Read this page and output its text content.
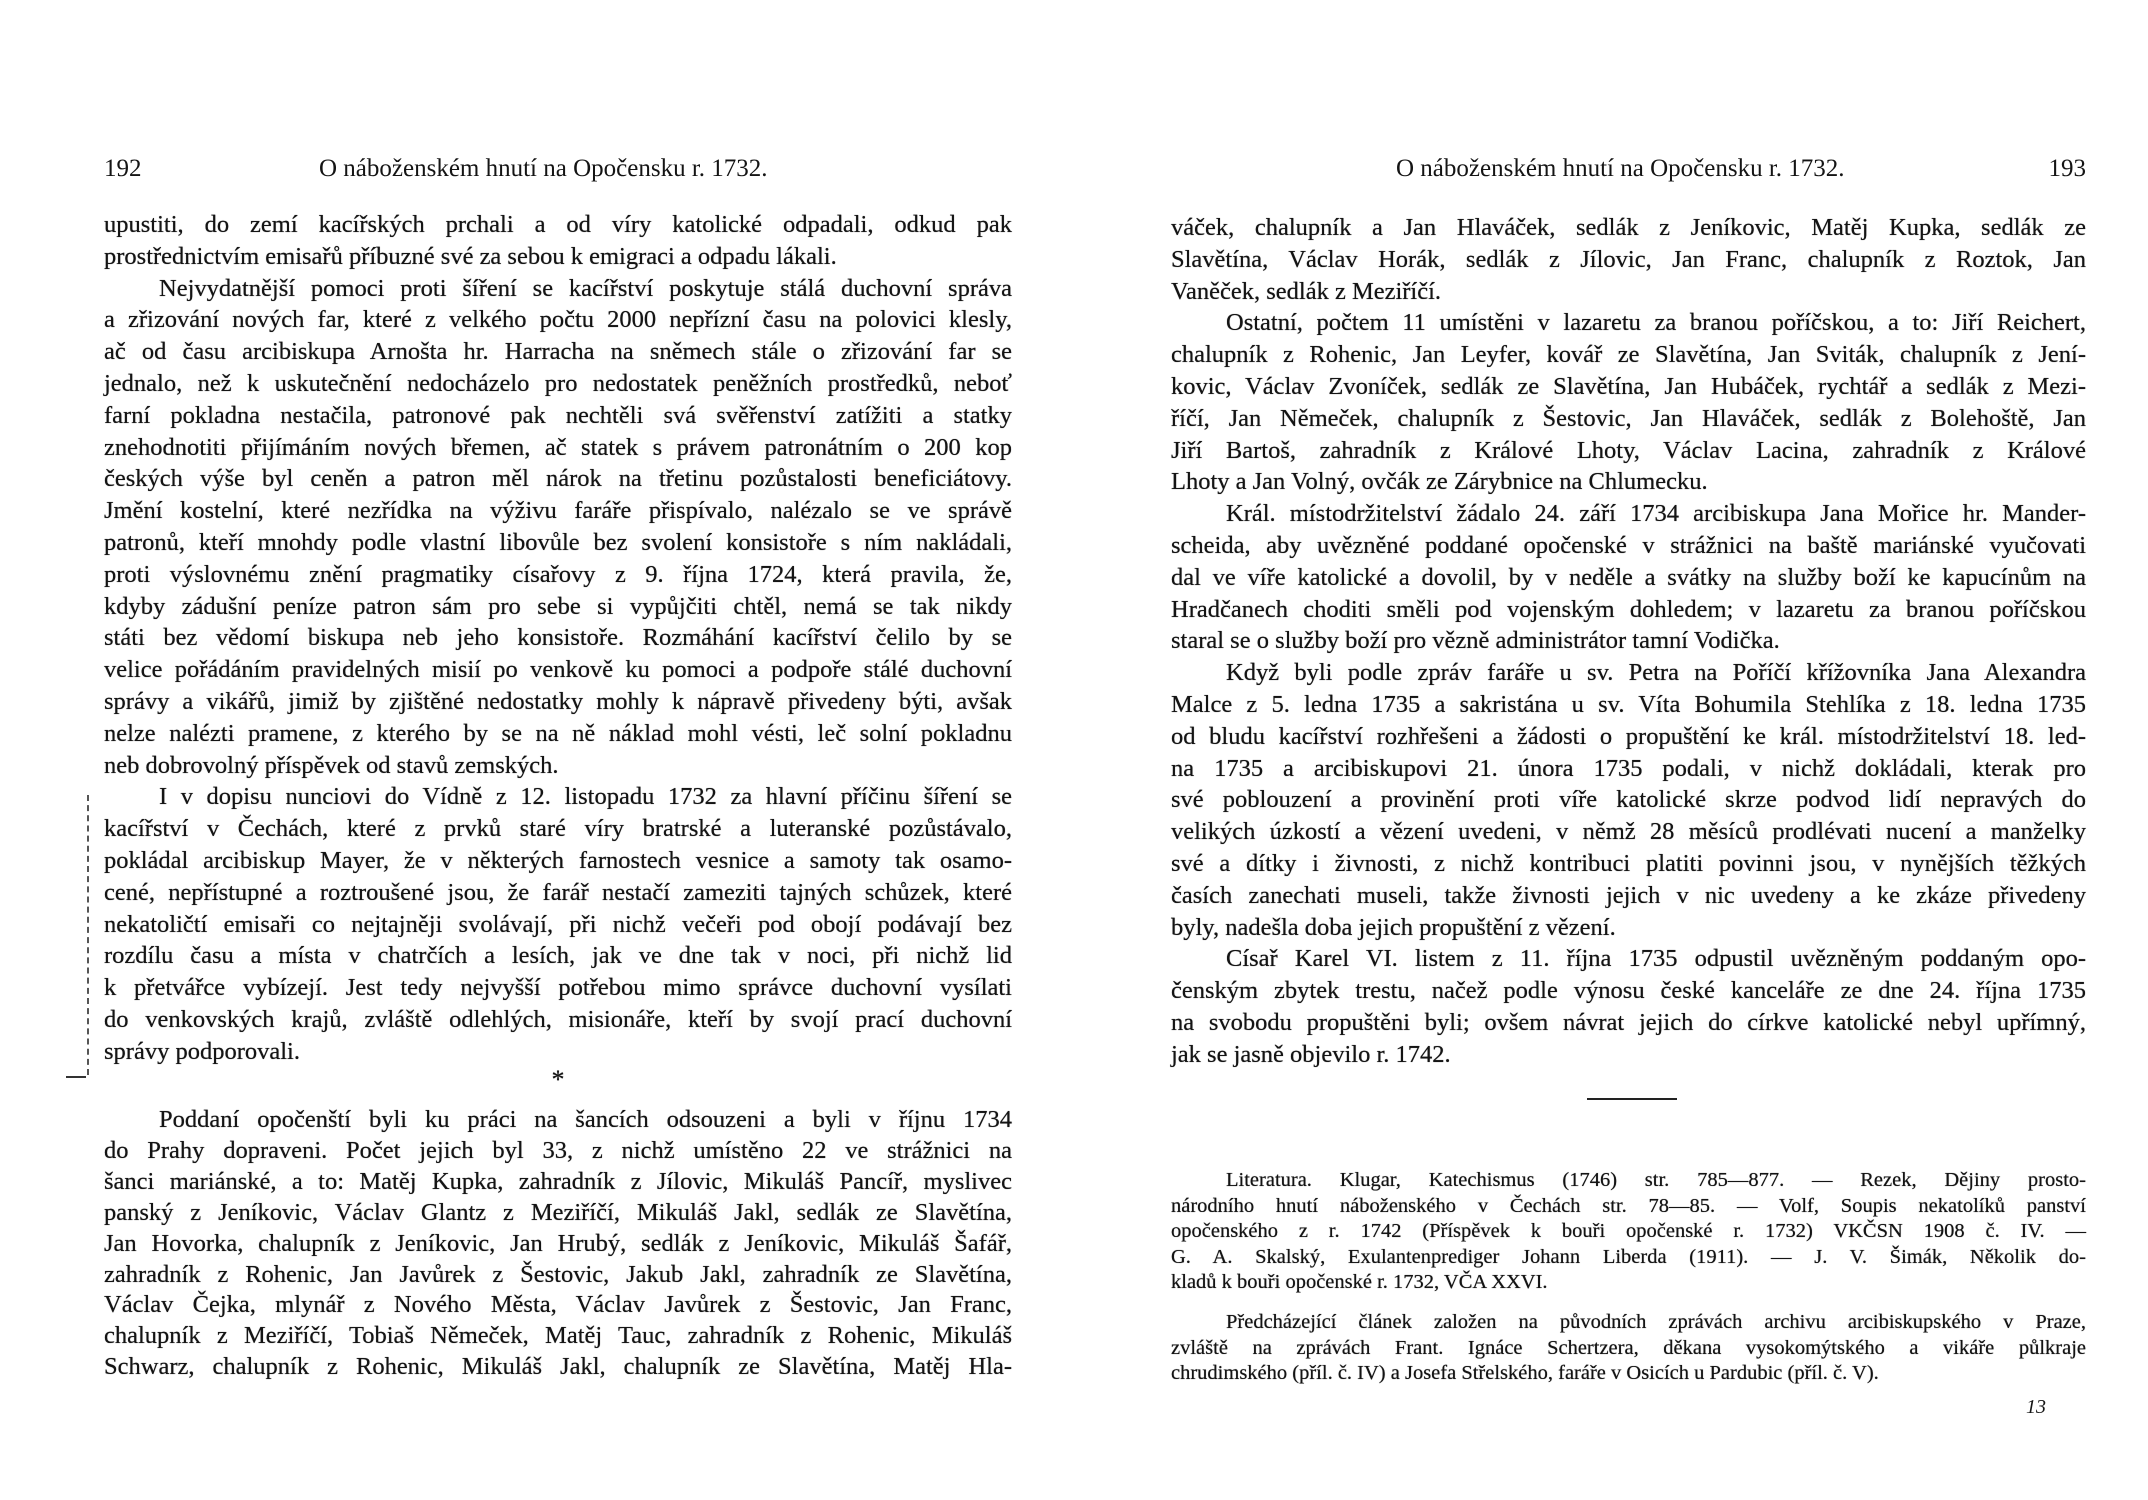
192	O náboženském hnutí na Opočensku r. 1732.
upustiti, do zemí kacířských prchali a od víry katolické odpadali, odkud pak
prostřednictvím emisařů příbuzné své za sebou k emigraci a odpadu lákali.
Nejvydatnější pomoci proti šíření se kacířství poskytuje stálá duchovní správa
a zřizování nových far, které z velkého počtu 2000 nepřízní času na polovici klesly,
ač od času arcibiskupa Arnošta hr. Harracha na sněmech stále o zřizování far se
jednalo, než k uskutečnění nedocházelo pro nedostatek peněžních prostředků, neboť
farní pokladna nestačila, patronové pak nechtěli svá svěřenství zatížiti a statky
znehodnotiti přijímáním nových břemen, ač statek s právem patronátním o 200 kop
českých výše byl ceněn a patron měl nárok na třetinu pozůstalosti beneficiátovy.
Jmění kostelní, které nezřídka na výživu faráře přispívalo, nalézalo se ve správě
patronů, kteří mnohdy podle vlastní libovůle bez svolení konsistoře s ním nakládali,
proti výslovnému znění pragmatiky císařovy z 9. října 1724, která pravila, že,
kdyby zádušní peníze patron sám pro sebe si vypůjčiti chtěl, nemá se tak nikdy
státi bez vědomí biskupa neb jeho konsistoře. Rozmáhání kacířství čelilo by se
velice pořádáním pravidelných misií po venkově ku pomoci a podpoře stálé duchovní
správy a vikářů, jimiž by zjištěné nedostatky mohly k nápravě přivedeny býti, avšak
nelze nalézti pramene, z kterého by se na ně náklad mohl vésti, leč solní pokladnu
neb dobrovolný příspěvek od stavů zemských.
I v dopisu nunciovi do Vídně z 12. listopadu 1732 za hlavní příčinu šíření se
kacířství v Čechách, které z prvků staré víry bratrské a luteranské pozůstávalo,
pokládal arcibiskup Mayer, že v některých farnostech vesnice a samoty tak osamo-
cené, nepřístupné a roztroušené jsou, že farář nestačí zameziti tajných schůzek, které
nekatoličtí emisaři co nejtajněji svolávají, při nichž večeři pod obojí podávají bez
rozdílu času a místa v chatrčích a lesích, jak ve dne tak v noci, při nichž lid
k přetvářce vybízejí. Jest tedy nejvyšší potřebou mimo správce duchovní vysílati
do venkovských krajů, zvláště odlehlých, misionáře, kteří by svojí prací duchovní
správy podporovali.
*
Poddaní opočenští byli ku práci na šancích odsouzeni a byli v říjnu 1734
do Prahy dopraveni. Počet jejich byl 33, z nichž umístěno 22 ve strážnici na
šanci mariánské, a to: Matěj Kupka, zahradník z Jílovic, Mikuláš Pancíř, myslivec
panský z Jeníkovic, Václav Glantz z Meziříčí, Mikuláš Jakl, sedlák ze Slavětína,
Jan Hovorka, chalupník z Jeníkovic, Jan Hrubý, sedlák z Jeníkovic, Mikuláš Šafář,
zahradník z Rohenic, Jan Javůrek z Šestovic, Jakub Jakl, zahradník ze Slavětína,
Václav Čejka, mlynář z Nového Města, Václav Javůrek z Šestovic, Jan Franc,
chalupník z Meziříčí, Tobiaš Němeček, Matěj Tauc, zahradník z Rohenic, Mikuláš
Schwarz, chalupník z Rohenic, Mikuláš Jakl, chalupník ze Slavětína, Matěj Hla-
O náboženském hnutí na Opočensku r. 1732.	193
váček, chalupník a Jan Hlaváček, sedlák z Jeníkovic, Matěj Kupka, sedlák ze
Slavětína, Václav Horák, sedlák z Jílovic, Jan Franc, chalupník z Roztok, Jan
Vaněček, sedlák z Meziříčí.
Ostatní, počtem 11 umístěni v lazaretu za branou poříčskou, a to: Jiří Reichert,
chalupník z Rohenic, Jan Leyfer, kovář ze Slavětína, Jan Sviták, chalupník z Jení-
kovic, Václav Zvoníček, sedlák ze Slavětína, Jan Hubáček, rychtář a sedlák z Mezi-
říčí, Jan Němeček, chalupník z Šestovic, Jan Hlaváček, sedlák z Bolehoště, Jan
Jiří Bartoš, zahradník z Králové Lhoty, Václav Lacina, zahradník z Králové
Lhoty a Jan Volný, ovčák ze Zárybnice na Chlumecku.
Král. místodržitelství žádalo 24. září 1734 arcibiskupa Jana Mořice hr. Mander-
scheida, aby uvězněné poddané opočenské v strážnici na baště mariánské vyučovati
dal ve víře katolické a dovolil, by v neděle a svátky na služby boží ke kapucínům na
Hradčanech choditi směli pod vojenským dohledem; v lazaretu za branou poříčskou
staral se o služby boží pro vězně administrátor tamní Vodička.
Když byli podle zpráv faráře u sv. Petra na Poříčí křížovníka Jana Alexandra
Malce z 5. ledna 1735 a sakristána u sv. Víta Bohumila Stehlíka z 18. ledna 1735
od bludu kacířství rozhřešeni a žádosti o propuštění ke král. místodržitelství 18. led-
na 1735 a arcibiskupovi 21. února 1735 podali, v nichž dokládali, kterak pro
své poblouzení a provinění proti víře katolické skrze podvod lidí nepravých do
velikých úzkostí a vězení uvedeni, v němž 28 měsíců prodlévati nucení a manželky
své a dítky i živnosti, z nichž kontribuci platiti povinni jsou, v nynějších těžkých
časích zanechati museli, takže živnosti jejich v nic uvedeny a ke zkáze přivedeny
byly, nadešla doba jejich propuštění z vězení.
Císař Karel VI. listem z 11. října 1735 odpustil uvězněným poddaným opo-
čenským zbytek trestu, načež podle výnosu české kanceláře ze dne 24. října 1735
na svobodu propuštěni byli; ovšem návrat jejich do církve katolické nebyl upřímný,
jak se jasně objevilo r. 1742.
Literatura. Klugar, Katechismus (1746) str. 785—877. — Rezek, Dějiny prosto-
národního hnutí náboženského v Čechách str. 78—85. — Volf, Soupis nekatolíků panství
opočenského z r. 1742 (Příspěvek k bouři opočenské r. 1732) VKČSN 1908 č. IV. —
G. A. Skalský, Exulantenprediger Johann Liberda (1911). — J. V. Šimák, Několik do-
kladů k bouři opočenské r. 1732, VČA XXVI.
Předcházející článek založen na původních zprávách archivu arcibiskupského v Praze,
zvláště na zprávách Frant. Ignáce Schertzera, děkana vysokomýtského a vikáře půlkraje
chrudimského (příl. č. IV) a Josefa Střelského, faráře v Osicích u Pardubic (příl. č. V).
13
